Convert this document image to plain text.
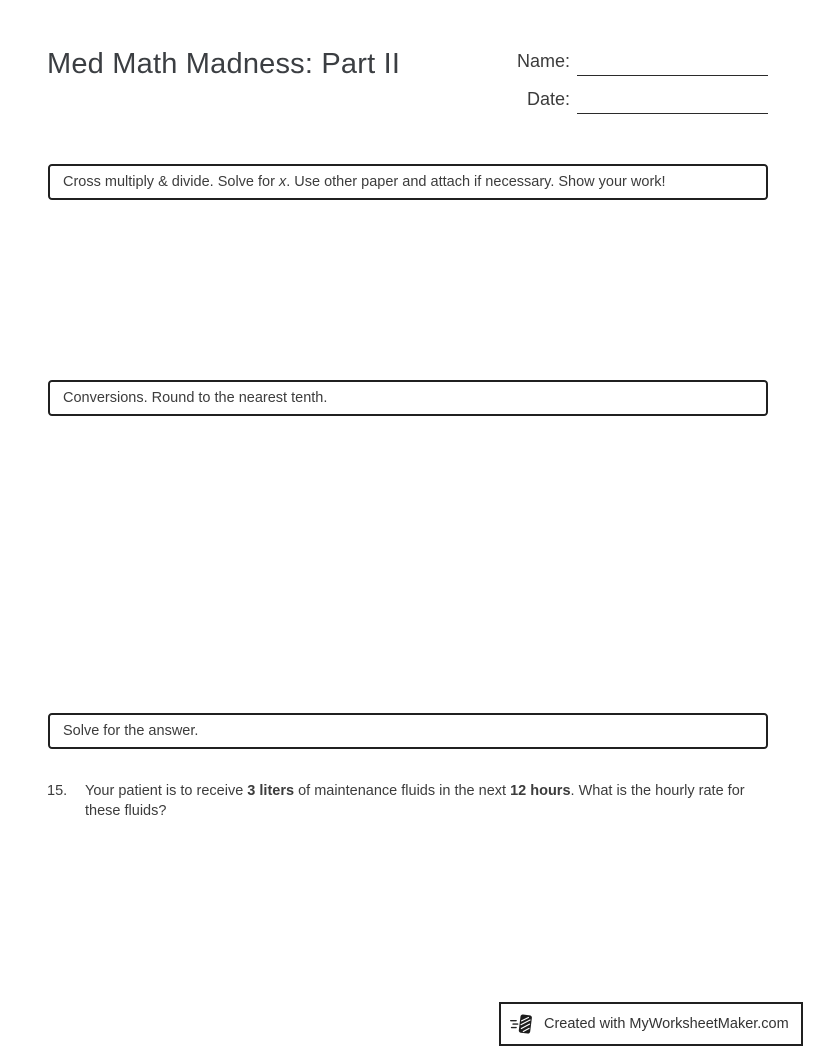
Med Math Madness: Part II	Name:
Date:
Cross multiply & divide. Solve for x. Use other paper and attach if necessary. Show your work!
Conversions. Round to the nearest tenth.
Solve for the answer.
15.	Your patient is to receive 3 liters of maintenance fluids in the next 12 hours. What is the hourly rate for these fluids?
Created with MyWorksheetMaker.com
